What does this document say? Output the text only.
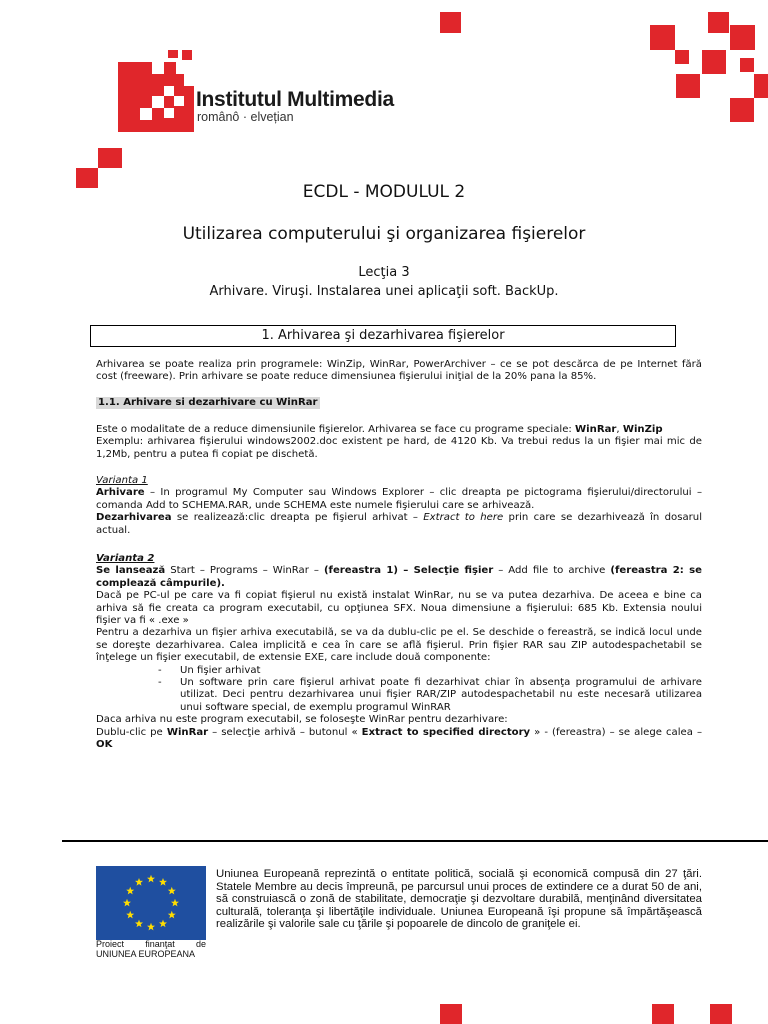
Institutul Multimedia
românô · elvețian
ECDL - MODULUL 2
Utilizarea computerului şi organizarea fişierelor
Lecţia 3
Arhivare. Viruşi. Instalarea unei aplicaţii soft. BackUp.
1. Arhivarea şi dezarhivarea fişierelor

Arhivarea se poate realiza prin programele: WinZip, WinRar, PowerArchiver – ce se pot descărca de pe Internet fără cost (freeware). Prin arhivare se poate reduce dimensiunea fişierului iniţial de la 20% pana la 85%.

1.1. Arhivare si dezarhivare cu WinRar

Este o modalitate de a reduce dimensiunile fişierelor. Arhivarea se face cu programe speciale: WinRar, WinZip

Exemplu: arhivarea fişierului windows2002.doc existent pe hard, de 4120 Kb. Va trebui redus la un fişier mai mic de 1,2Mb, pentru a putea fi copiat pe dischetă.

Varianta 1

Arhivare – In programul My Computer sau Windows Explorer – clic dreapta pe pictograma fişierului/directorului – comanda Add to SCHEMA.RAR, unde SCHEMA este numele fişierului care se arhivează.

Dezarhivarea se realizează:clic dreapta pe fişierul arhivat – Extract to here prin care se dezarhivează în dosarul actual.

Varianta 2

Se lansează Start – Programs – WinRar – (fereastra 1) – Selecţie fişier – Add file to archive (fereastra 2: se complează câmpurile).

Dacă pe PC-ul pe care va fi copiat fişierul nu există instalat WinRar, nu se va putea dezarhiva. De aceea e bine ca arhiva să fie creata ca program executabil, cu opţiunea SFX. Noua dimensiune a fişierului: 685 Kb. Extensia noului fişier va fi « .exe »

Pentru a dezarhiva un fişier arhiva executabilă, se va da dublu-clic pe el. Se deschide o fereastră, se indică locul unde se doreşte dezarhivarea. Calea implicită e cea în care se află fişierul. Prin fişier RAR sau ZIP autodespachetabil se înţelege un fişier executabil, de extensie EXE, care include două componente:

-	Un fişier arhivat

-	Un software prin care fişierul arhivat poate fi dezarhivat chiar în absenţa programului de arhivare utilizat. Deci pentru dezarhivarea unui fişier RAR/ZIP autodespachetabil nu este necesară utilizarea unui software special, de exemplu programul WinRAR

Daca arhiva nu este program executabil, se foloseşte WinRar pentru dezarhivare:

Dublu-clic pe WinRar – selecţie arhivă – butonul « Extract to specified directory » - (fereastra) – se alege calea – OK

Proiect finanţat de
UNIUNEA EUROPEANA
Uniunea Europeană reprezintă o entitate politică, socială şi economică compusă din 27 ţări. Statele Membre au decis împreună, pe parcursul unui proces de extindere ce a durat 50 de ani, să construiască o zonă de stabilitate, democraţie şi dezvoltare durabilă, menţinând diversitatea culturală, toleranţa şi libertăţile individuale. Uniunea Europeană îşi propune să împărtăşească realizările şi valorile sale cu ţările şi popoarele de dincolo de graniţele ei.
